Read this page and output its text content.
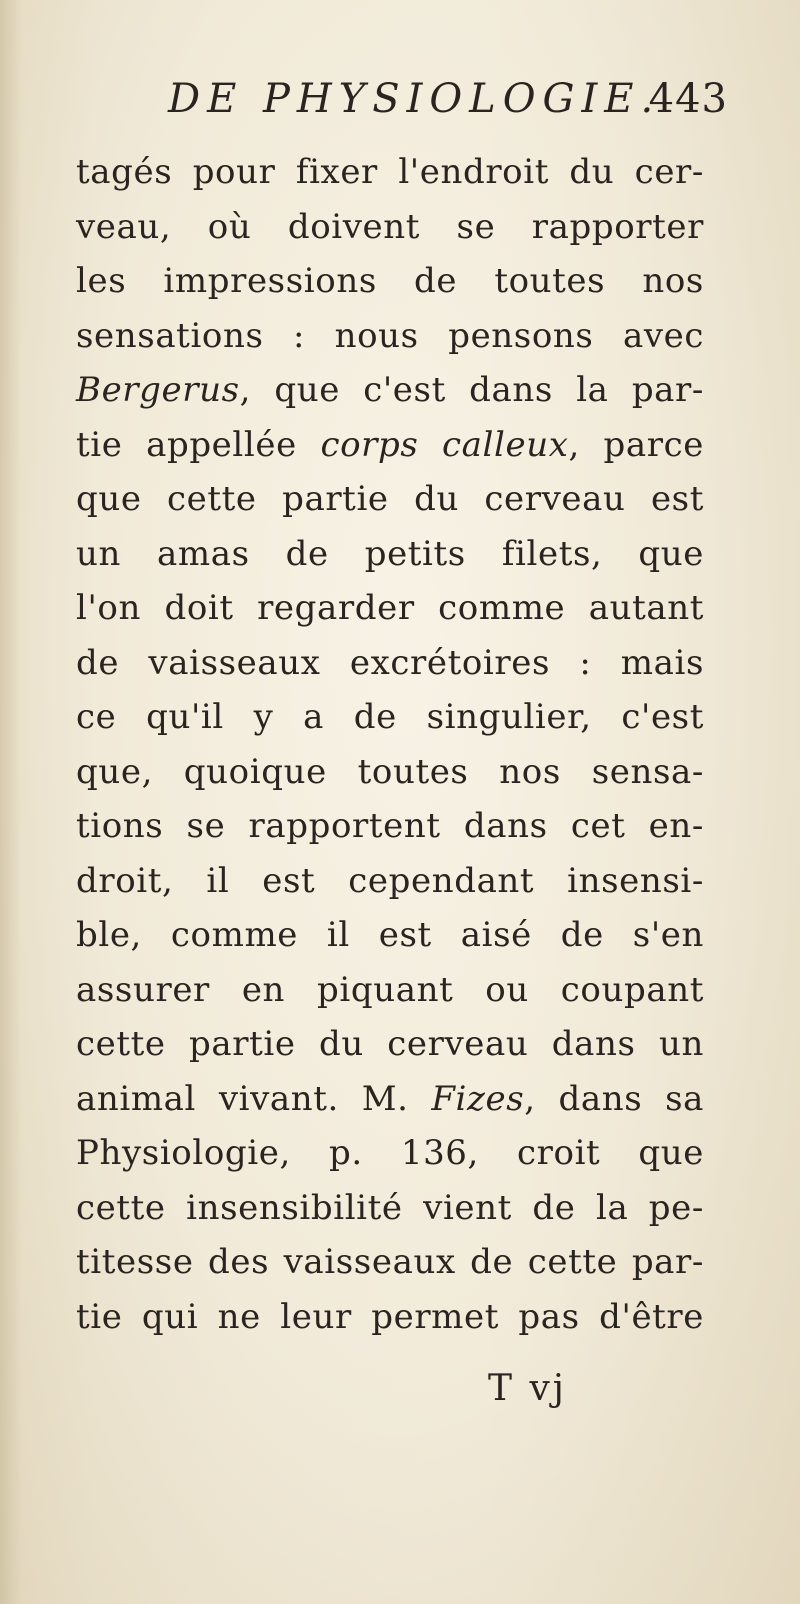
DE PHYSIOLOGIE.
443
tagés pour fixer l'endroit du cer-
veau, où doivent se rapporter
les impressions de toutes nos
sensations : nous pensons avec
Bergerus, que c'est dans la par-
tie appellée corps calleux, parce
que cette partie du cerveau est
un amas de petits filets, que
l'on doit regarder comme autant
de vaisseaux excrétoires : mais
ce qu'il y a de singulier, c'est
que, quoique toutes nos sensa-
tions se rapportent dans cet en-
droit, il est cependant insensi-
ble, comme il est aisé de s'en
assurer en piquant ou coupant
cette partie du cerveau dans un
animal vivant. M. Fizes, dans sa
Physiologie, p. 136, croit que
cette insensibilité vient de la pe-
titesse des vaisseaux de cette par-
tie qui ne leur permet pas d'être
T vj
